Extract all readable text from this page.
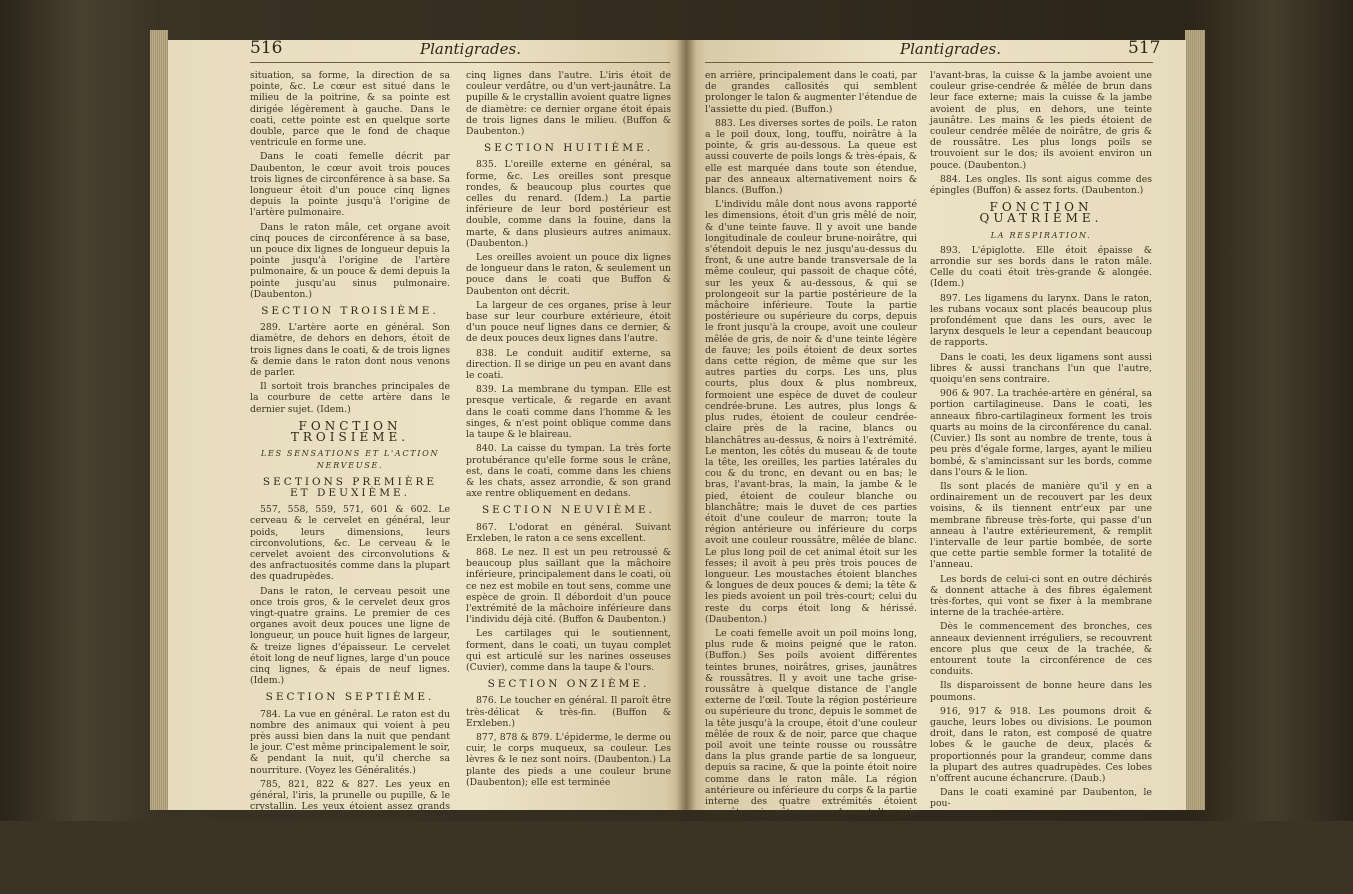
516	Plantigrades.	517
Plantigrades.

situation, sa forme, la direction de sa pointe, &c. Le cœur est situé dans le milieu de la poitrine, & sa pointe est dirigée légèrement à gauche. Dans le coati, cette pointe est en quelque sorte double, parce que le fond de chaque ventricule en forme une.

Dans le coati femelle décrit par Daubenton, le cœur avoit trois pouces trois lignes de circonférence à sa base. Sa longueur étoit d'un pouce cinq lignes depuis la pointe jusqu'à l'origine de l'artère pulmonaire.

Dans le raton mâle, cet organe avoit cinq pouces de circonférence à sa base, un pouce dix lignes de longueur depuis la pointe jusqu'à l'origine de l'artère pulmonaire, & un pouce & demi depuis la pointe jusqu'au sinus pulmonaire. (Daubenton.)

SECTION TROISIÈME.

289. L'artère aorte en général. Son diamètre, de dehors en dehors, étoit de trois lignes dans le coati, & de trois lignes & demie dans le raton dont nous venons de parler.

Il sortoit trois branches principales de la courbure de cette artère dans le dernier sujet. (Idem.)

FONCTION TROISIÈME.
LES SENSATIONS ET L'ACTION NERVEUSE.
SECTIONS PREMIÈRE ET DEUXIÈME.

557, 558, 559, 571, 601 & 602. Le cerveau & le cervelet en général, leur poids, leurs dimensions, leurs circonvolutions, &c. Le cerveau & le cervelet avoient des circonvolutions & des anfractuosités comme dans la plupart des quadrupèdes.

Dans le raton, le cerveau pesoit une once trois gros, & le cervelet deux gros vingt-quatre grains. Le premier de ces organes avoit deux pouces une ligne de longueur, un pouce huit lignes de largeur, & treize lignes d'épaisseur. Le cervelet étoit long de neuf lignes, large d'un pouce cinq lignes, & épais de neuf lignes. (Idem.)

SECTION SEPTIÈME.

784. La vue en général. Le raton est du nombre des animaux qui voient à peu près aussi bien dans la nuit que pendant le jour. C'est même principalement le soir, & pendant la nuit, qu'il cherche sa nourriture. (Voyez les Généralités.)

785, 821, 822 & 827. Les yeux en général, l'iris, la prunelle ou pupille, & le crystallin. Les yeux étoient assez grands dans le raton mâle; mais ceux du coati sont beaucoup plus petits. Ils avoient sept lignes & demie de longueur dans le premier, & seulement cinq lignes dans le second de ces animaux disséqués par Daubenton. Leur ouverture étoit de trois lignes dans le dernier sujet, & de

cinq lignes dans l'autre. L'iris étoit de couleur verdâtre, ou d'un vert-jaunâtre. La pupille & le crystallin avoient quatre lignes de diamètre: ce dernier organe étoit épais de trois lignes dans le milieu. (Buffon & Daubenton.)

SECTION HUITIÈME.

835. L'oreille externe en général, sa forme, &c. Les oreilles sont presque rondes, & beaucoup plus courtes que celles du renard. (Idem.) La partie inférieure de leur bord postérieur est double, comme dans la fouine, dans la marte, & dans plusieurs autres animaux. (Daubenton.)

Les oreilles avoient un pouce dix lignes de longueur dans le raton, & seulement un pouce dans le coati que Buffon & Daubenton ont décrit.

La largeur de ces organes, prise à leur base sur leur courbure extérieure, étoit d'un pouce neuf lignes dans ce dernier, & de deux pouces deux lignes dans l'autre.

838. Le conduit auditif externe, sa direction. Il se dirige un peu en avant dans le coati.

839. La membrane du tympan. Elle est presque verticale, & regarde en avant dans le coati comme dans l'homme & les singes, & n'est point oblique comme dans la taupe & le blaireau.

840. La caisse du tympan. La très forte protubérance qu'elle forme sous le crâne, est, dans le coati, comme dans les chiens & les chats, assez arrondie, & son grand axe rentre obliquement en dedans.

SECTION NEUVIÈME.

867. L'odorat en général. Suivant Erxleben, le raton a ce sens excellent.

868. Le nez. Il est un peu retroussé & beaucoup plus saillant que la mâchoire inférieure, principalement dans le coati, où ce nez est mobile en tout sens, comme une espèce de groin. Il débordoit d'un pouce l'extrémité de la mâchoire inférieure dans l'individu déjà cité. (Buffon & Daubenton.)

Les cartilages qui le soutiennent, forment, dans le coati, un tuyau complet qui est articulé sur les narines osseuses (Cuvier), comme dans la taupe & l'ours.

SECTION ONZIÈME.

876. Le toucher en général. Il paroît être très-délicat & très-fin. (Buffon & Erxleben.)

877, 878 & 879. L'épiderme, le derme ou cuir, le corps muqueux, sa couleur. Les lèvres & le nez sont noirs. (Daubenton.) La plante des pieds a une couleur brune (Daubenton); elle est terminée

en arrière, principalement dans le coati, par de grandes callosités qui semblent prolonger le talon & augmenter l'étendue de l'assiette du pied. (Buffon.)

883. Les diverses sortes de poils. Le raton a le poil doux, long, touffu, noirâtre à la pointe, & gris au-dessous. La queue est aussi couverte de poils longs & très-épais, & elle est marquée dans toute son étendue, par des anneaux alternativement noirs & blancs. (Buffon.)

L'individu mâle dont nous avons rapporté les dimensions, étoit d'un gris mêlé de noir, & d'une teinte fauve. Il y avoit une bande longitudinale de couleur brune-noirâtre, qui s'étendoit depuis le nez jusqu'au-dessus du front, & une autre bande transversale de la même couleur, qui passoit de chaque côté, sur les yeux & au-dessous, & qui se prolongeoit sur la partie postérieure de la mâchoire inférieure. Toute la partie postérieure ou supérieure du corps, depuis le front jusqu'à la croupe, avoit une couleur mêlée de gris, de noir & d'une teinte légère de fauve; les poils étoient de deux sortes dans cette région, de même que sur les autres parties du corps. Les uns, plus courts, plus doux & plus nombreux, formoient une espèce de duvet de couleur cendrée-brune. Les autres, plus longs & plus rudes, étoient de couleur cendrée-claire près de la racine, blancs ou blanchâtres au-dessus, & noirs à l'extrémité. Le menton, les côtés du museau & de toute la tête, les oreilles, les parties latérales du cou & du tronc, en devant ou en bas; le bras, l'avant-bras, la main, la jambe & le pied, étoient de couleur blanche ou blanchâtre; mais le duvet de ces parties étoit d'une couleur de marron; toute la région antérieure ou inférieure du corps avoit une couleur roussâtre, mêlée de blanc. Le plus long poil de cet animal étoit sur les fesses; il avoit à peu près trois pouces de longueur. Les moustaches étoient blanches & longues de deux pouces & demi; la tête & les pieds avoient un poil très-court; celui du reste du corps étoit long & hérissé. (Daubenton.)

Le coati femelle avoit un poil moins long, plus rude & moins peigné que le raton. (Buffon.) Ses poils avoient différentes teintes brunes, noirâtres, grises, jaunâtres & roussâtres. Il y avoit une tache grise-roussâtre à quelque distance de l'angle externe de l'œil. Toute la région postérieure ou supérieure du tronc, depuis le sommet de la tête jusqu'à la croupe, étoit d'une couleur mêlée de roux & de noir, parce que chaque poil avoit une teinte rousse ou roussâtre dans la plus grande partie de sa longueur, depuis sa racine, & que la pointe étoit noire comme dans le raton mâle. La région antérieure ou inférieure du corps & la partie interne des quatre extrémités étoient roussâtres, jaunâtres ou seulement d'un gris légèrement teint de jaune dans quelques endroits. Le bras,

l'avant-bras, la cuisse & la jambe avoient une couleur grise-cendrée & mêlée de brun dans leur face externe; mais la cuisse & la jambe avoient de plus, en dehors, une teinte jaunâtre. Les mains & les pieds étoient de couleur cendrée mêlée de noirâtre, de gris & de roussâtre. Les plus longs poils se trouvoient sur le dos; ils avoient environ un pouce. (Daubenton.)

884. Les ongles. Ils sont aigus comme des épingles (Buffon) & assez forts. (Daubenton.)

FONCTION QUATRIÈME.
LA RESPIRATION.

893. L'épiglotte. Elle étoit épaisse & arrondie sur ses bords dans le raton mâle. Celle du coati étoit très-grande & alongée. (Idem.)

897. Les ligamens du larynx. Dans le raton, les rubans vocaux sont placés beaucoup plus profondément que dans les ours, avec le larynx desquels le leur a cependant beaucoup de rapports.

Dans le coati, les deux ligamens sont aussi libres & aussi tranchans l'un que l'autre, quoiqu'en sens contraire.

906 & 907. La trachée-artère en général, sa portion cartilagineuse. Dans le coati, les anneaux fibro-cartilagineux forment les trois quarts au moins de la circonférence du canal. (Cuvier.) Ils sont au nombre de trente, tous à peu près d'égale forme, larges, ayant le milieu bombé, & s'amincissant sur les bords, comme dans l'ours & le lion.

Ils sont placés de manière qu'il y en a ordinairement un de recouvert par les deux voisins, & ils tiennent entr'eux par une membrane fibreuse très-forte, qui passe d'un anneau à l'autre extérieurement, & remplit l'intervalle de leur partie bombée, de sorte que cette partie semble former la totalité de l'anneau.

Les bords de celui-ci sont en outre déchirés & donnent attache à des fibres également très-fortes, qui vont se fixer à la membrane interne de la trachée-artère.

Dès le commencement des bronches, ces anneaux deviennent irréguliers, se recouvrent encore plus que ceux de la trachée, & entourent toute la circonférence de ces conduits.

Ils disparoissent de bonne heure dans les poumons.

916, 917 & 918. Les poumons droit & gauche, leurs lobes ou divisions. Le poumon droit, dans le raton, est composé de quatre lobes & le gauche de deux, placés & proportionnés pour la grandeur, comme dans la plupart des autres quadrupèdes. Ces lobes n'offrent aucune échancrure. (Daub.)

Dans le coati examiné par Daubenton, le pou-
